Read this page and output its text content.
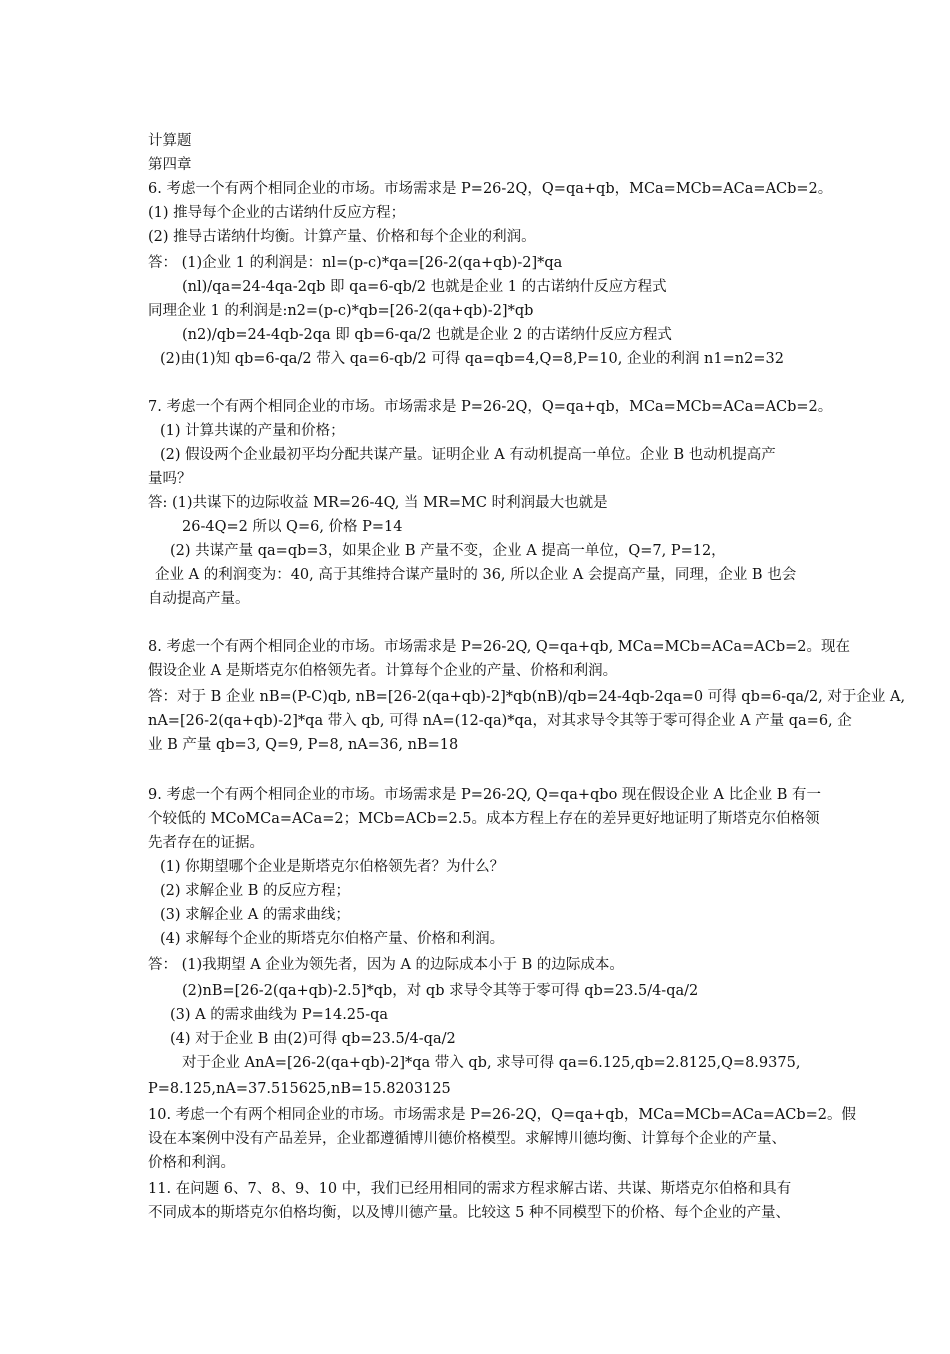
计算题
第四章
6. 考虑一个有两个相同企业的市场。市场需求是 P=26-2Q，Q=qa+qb，MCa=MCb=ACa=ACb=2。
(1) 推导每个企业的古诺纳什反应方程；
(2) 推导古诺纳什均衡。计算产量、价格和每个企业的利润。
答： (1)企业 1 的利润是：nl=(p-c)*qa=[26-2(qa+qb)-2]*qa
(nl)/qa=24-4qa-2qb 即 qa=6-qb/2 也就是企业 1 的古诺纳什反应方程式
同理企业 1 的利润是:n2=(p-c)*qb=[26-2(qa+qb)-2]*qb
(n2)/qb=24-4qb-2qa 即 qb=6-qa/2 也就是企业 2 的古诺纳什反应方程式
(2)由(1)知 qb=6-qa/2 带入 qa=6-qb/2 可得 qa=qb=4,Q=8,P=10, 企业的利润 n1=n2=32
7. 考虑一个有两个相同企业的市场。市场需求是 P=26-2Q，Q=qa+qb，MCa=MCb=ACa=ACb=2。
(1) 计算共谋的产量和价格；
(2) 假设两个企业最初平均分配共谋产量。证明企业 A 有动机提高一单位。企业 B 也动机提高产
量吗？
答: (1)共谋下的边际收益 MR=26-4Q, 当 MR=MC 时利润最大也就是
26-4Q=2 所以 Q=6, 价格 P=14
(2) 共谋产量 qa=qb=3，如果企业 B 产量不变，企业 A 提高一单位，Q=7, P=12，
企业 A 的利润变为：40, 高于其维持合谋产量时的 36, 所以企业 A 会提高产量，同理，企业 B 也会
自动提高产量。
8. 考虑一个有两个相同企业的市场。市场需求是 P=26-2Q, Q=qa+qb, MCa=MCb=ACa=ACb=2。现在
假设企业 A 是斯塔克尔伯格领先者。计算每个企业的产量、价格和利润。
答：对于 B 企业 nB=(P-C)qb, nB=[26-2(qa+qb)-2]*qb(nB)/qb=24-4qb-2qa=0 可得 qb=6-qa/2, 对于企业 A,
nA=[26-2(qa+qb)-2]*qa 带入 qb, 可得 nA=(12-qa)*qa，对其求导令其等于零可得企业 A 产量 qa=6, 企
业 B 产量 qb=3, Q=9, P=8, nA=36, nB=18
9. 考虑一个有两个相同企业的市场。市场需求是 P=26-2Q, Q=qa+qbo 现在假设企业 A 比企业 B 有一
个较低的 MCoMCa=ACa=2；MCb=ACb=2.5。成本方程上存在的差异更好地证明了斯塔克尔伯格领
先者存在的证据。
(1) 你期望哪个企业是斯塔克尔伯格领先者？为什么？
(2) 求解企业 B 的反应方程；
(3) 求解企业 A 的需求曲线；
(4) 求解每个企业的斯塔克尔伯格产量、价格和利润。
答： (1)我期望 A 企业为领先者，因为 A 的边际成本小于 B 的边际成本。
(2)nB=[26-2(qa+qb)-2.5]*qb，对 qb 求导令其等于零可得 qb=23.5/4-qa/2
(3) A 的需求曲线为 P=14.25-qa
(4) 对于企业 B 由(2)可得 qb=23.5/4-qa/2
对于企业 AnA=[26-2(qa+qb)-2]*qa 带入 qb, 求导可得 qa=6.125,qb=2.8125,Q=8.9375,
P=8.125,nA=37.515625,nB=15.8203125
10. 考虑一个有两个相同企业的市场。市场需求是 P=26-2Q，Q=qa+qb，MCa=MCb=ACa=ACb=2。假
设在本案例中没有产品差异，企业都遵循博川德价格模型。求解博川德均衡、计算每个企业的产量、
价格和利润。
11. 在问题 6、7、8、9、10 中，我们已经用相同的需求方程求解古诺、共谋、斯塔克尔伯格和具有
不同成本的斯塔克尔伯格均衡，以及博川德产量。比较这 5 种不同模型下的价格、每个企业的产量、
